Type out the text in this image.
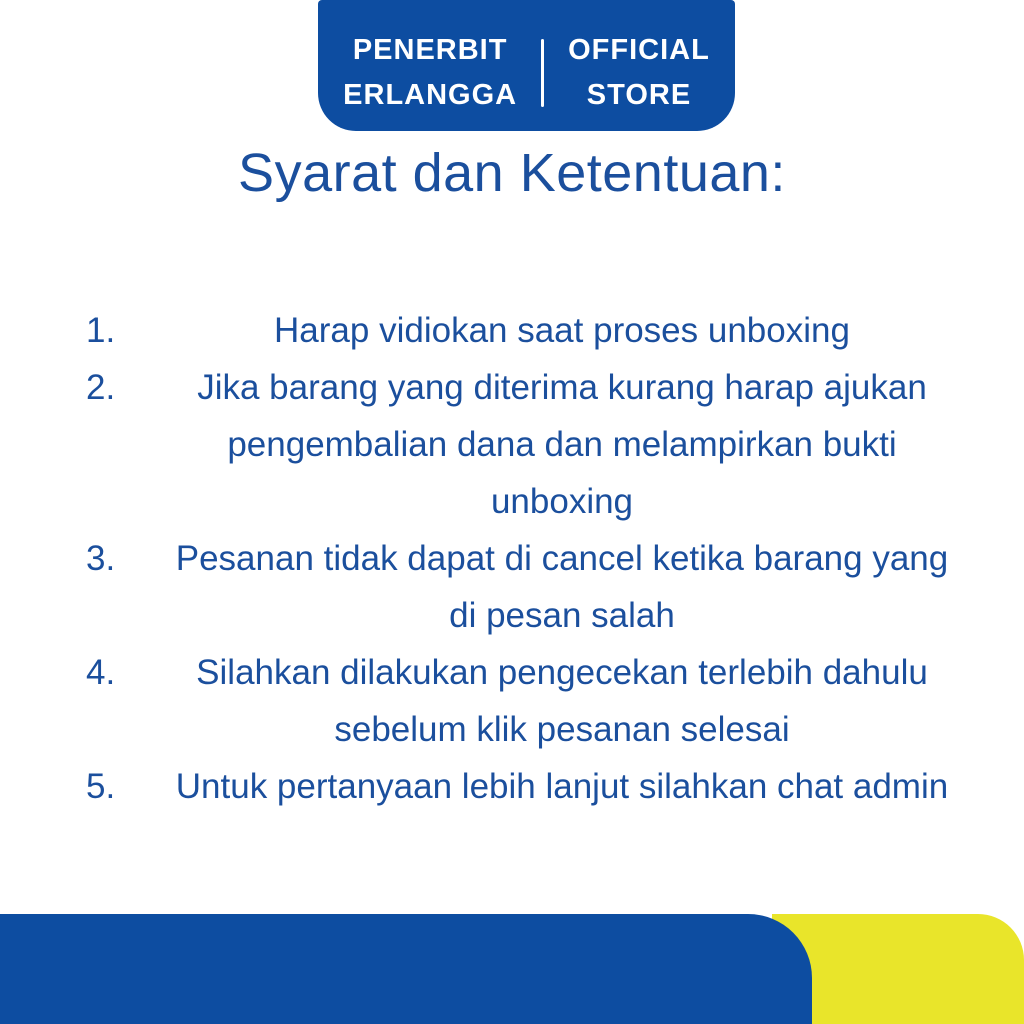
PENERBIT
ERLANGGA
OFFICIAL
STORE
Syarat dan Ketentuan:
1.	Harap vidiokan saat proses unboxing
2.	Jika barang yang diterima kurang harap ajukan
pengembalian dana dan melampirkan bukti
unboxing
3.	Pesanan tidak dapat di cancel ketika barang yang
di pesan salah
4.	Silahkan dilakukan pengecekan terlebih dahulu
sebelum klik pesanan selesai
5.	Untuk pertanyaan lebih lanjut silahkan chat admin
